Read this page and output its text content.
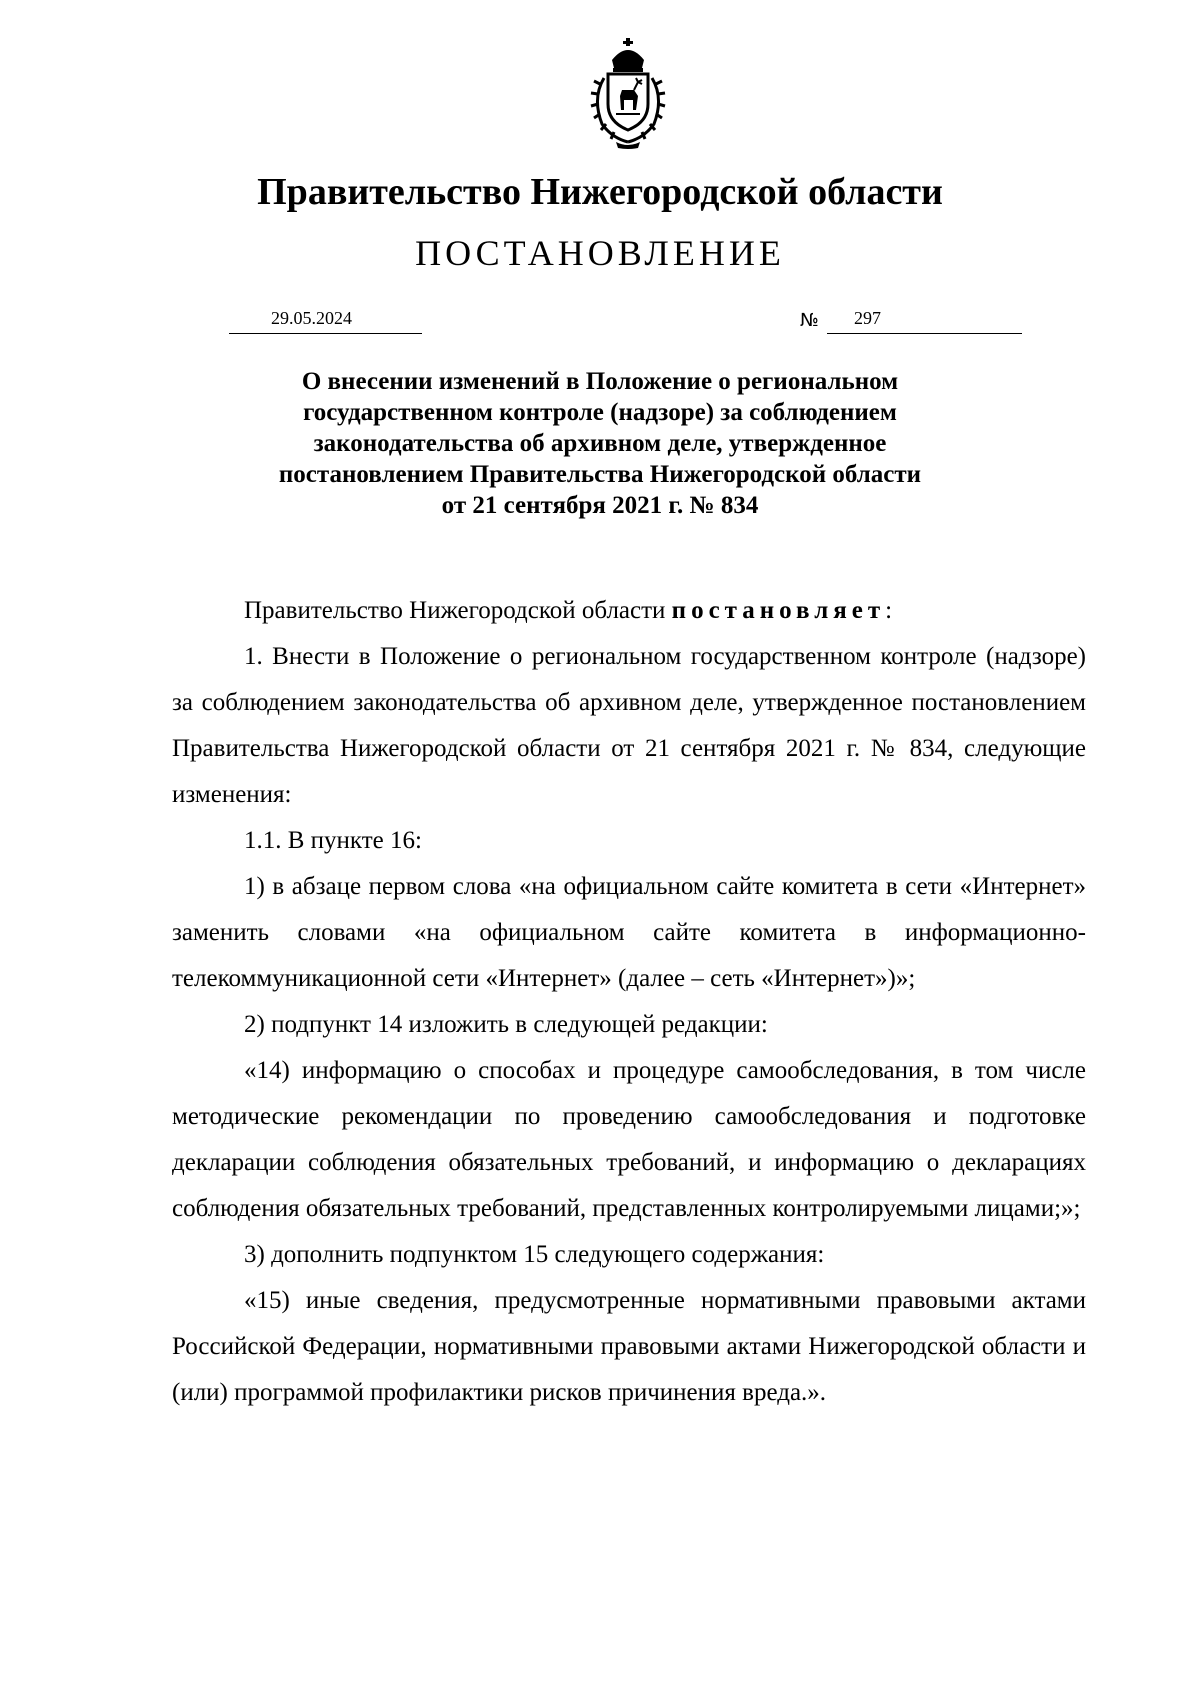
Правительство Нижегородской области
ПОСТАНОВЛЕНИЕ
29.05.2024	№ 297
О внесении изменений в Положение о региональном
государственном контроле (надзоре) за соблюдением
законодательства об архивном деле, утвержденное
постановлением Правительства Нижегородской области
от 21 сентября 2021 г. № 834

Правительство Нижегородской области постановляет:

1. Внести в Положение о региональном государственном контроле (надзоре) за соблюдением законодательства об архивном деле, утвержденное постановлением Правительства Нижегородской области от 21 сентября 2021 г. № 834, следующие изменения:

1.1. В пункте 16:

1) в абзаце первом слова «на официальном сайте комитета в сети «Интернет» заменить словами «на официальном сайте комитета в информационно-телекоммуникационной сети «Интернет» (далее – сеть «Интернет»)»;

2) подпункт 14 изложить в следующей редакции:

«14) информацию о способах и процедуре самообследования, в том числе методические рекомендации по проведению самообследования и подготовке декларации соблюдения обязательных требований, и информацию о декларациях соблюдения обязательных требований, представленных контролируемыми лицами;»;

3) дополнить подпунктом 15 следующего содержания:

«15) иные сведения, предусмотренные нормативными правовыми актами Российской Федерации, нормативными правовыми актами Нижегородской области и (или) программой профилактики рисков причинения вреда.».
